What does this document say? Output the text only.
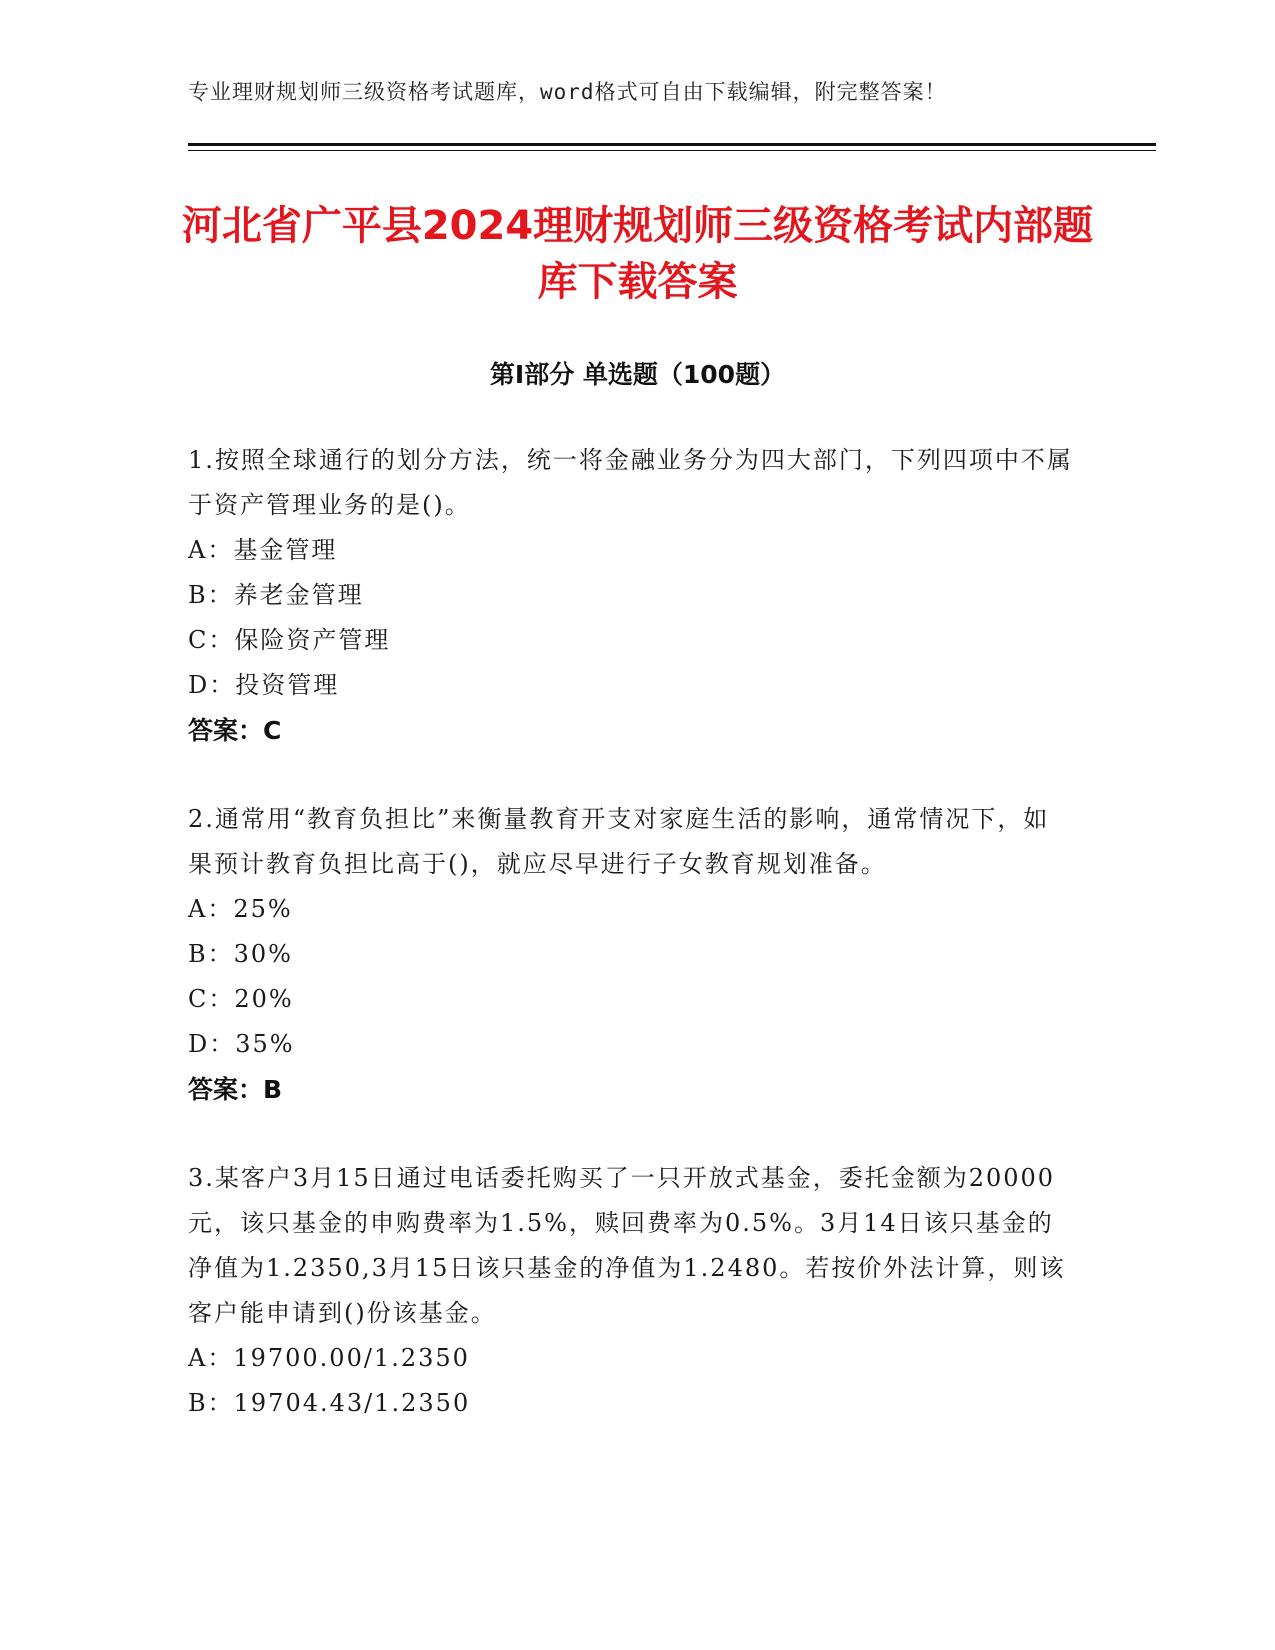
专业理财规划师三级资格考试题库，word格式可自由下载编辑，附完整答案！
河北省广平县2024理财规划师三级资格考试内部题库下载答案
第Ⅰ部分 单选题（100题）
1.按照全球通行的划分方法，统一将金融业务分为四大部门，下列四项中不属于资产管理业务的是()。
A：基金管理
B：养老金管理
C：保险资产管理
D：投资管理
答案：C
2.通常用“教育负担比”来衡量教育开支对家庭生活的影响，通常情况下，如果预计教育负担比高于()，就应尽早进行子女教育规划准备。
A：25%
B：30%
C：20%
D：35%
答案：B
3.某客户3月15日通过电话委托购买了一只开放式基金，委托金额为20000元，该只基金的申购费率为1.5%，赎回费率为0.5%。3月14日该只基金的净值为1.2350,3月15日该只基金的净值为1.2480。若按价外法计算，则该客户能申请到()份该基金。
A：19700.00/1.2350
B：19704.43/1.2350
